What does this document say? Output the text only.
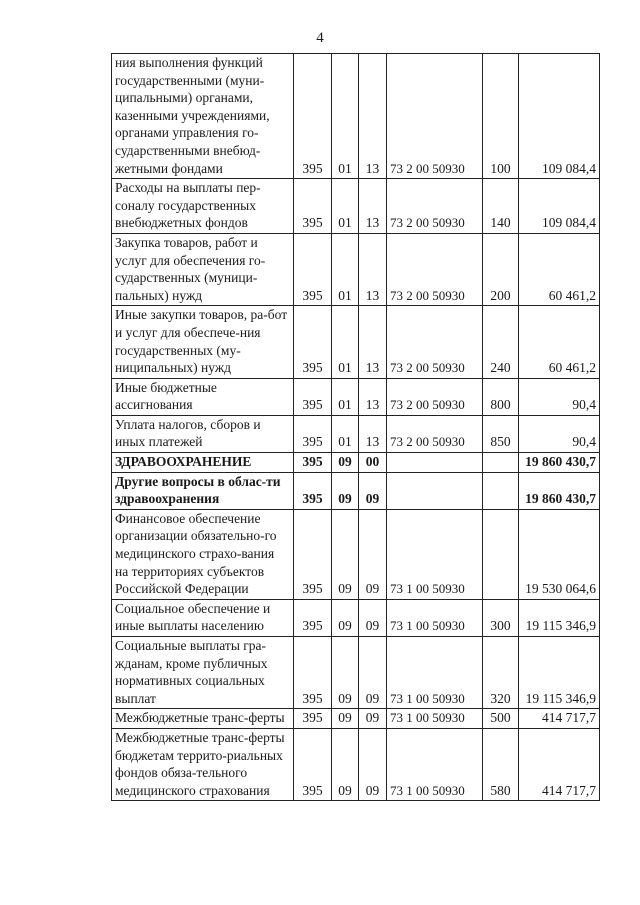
4
ния выполнения функций государственными (муни-ципальными) органами, казенными учреждениями, органами управления го-сударственными внебюд-жетными фондами	395	01	13	73 2 00 50930	100	109 084,4
Расходы на выплаты пер-соналу государственных внебюджетных фондов	395	01	13	73 2 00 50930	140	109 084,4
Закупка товаров, работ и услуг для обеспечения го-сударственных (муници-пальных) нужд	395	01	13	73 2 00 50930	200	60 461,2
Иные закупки товаров, ра-бот и услуг для обеспече-ния государственных (му-ниципальных) нужд	395	01	13	73 2 00 50930	240	60 461,2
Иные бюджетные ассигнования	395	01	13	73 2 00 50930	800	90,4
Уплата налогов, сборов и иных платежей	395	01	13	73 2 00 50930	850	90,4
ЗДРАВООХРАНЕНИЕ	395	09	00			19 860 430,7
Другие вопросы в облас-ти здравоохранения	395	09	09			19 860 430,7
Финансовое обеспечение организации обязательно-го медицинского страхо-вания на территориях субъектов Российской Федерации	395	09	09	73 1 00 50930		19 530 064,6
Социальное обеспечение и иные выплаты населению	395	09	09	73 1 00 50930	300	19 115 346,9
Социальные выплаты гра-жданам, кроме публичных нормативных социальных выплат	395	09	09	73 1 00 50930	320	19 115 346,9
Межбюджетные транс-ферты	395	09	09	73 1 00 50930	500	414 717,7
Межбюджетные транс-ферты бюджетам террито-риальных фондов обяза-тельного медицинского страхования	395	09	09	73 1 00 50930	580	414 717,7
